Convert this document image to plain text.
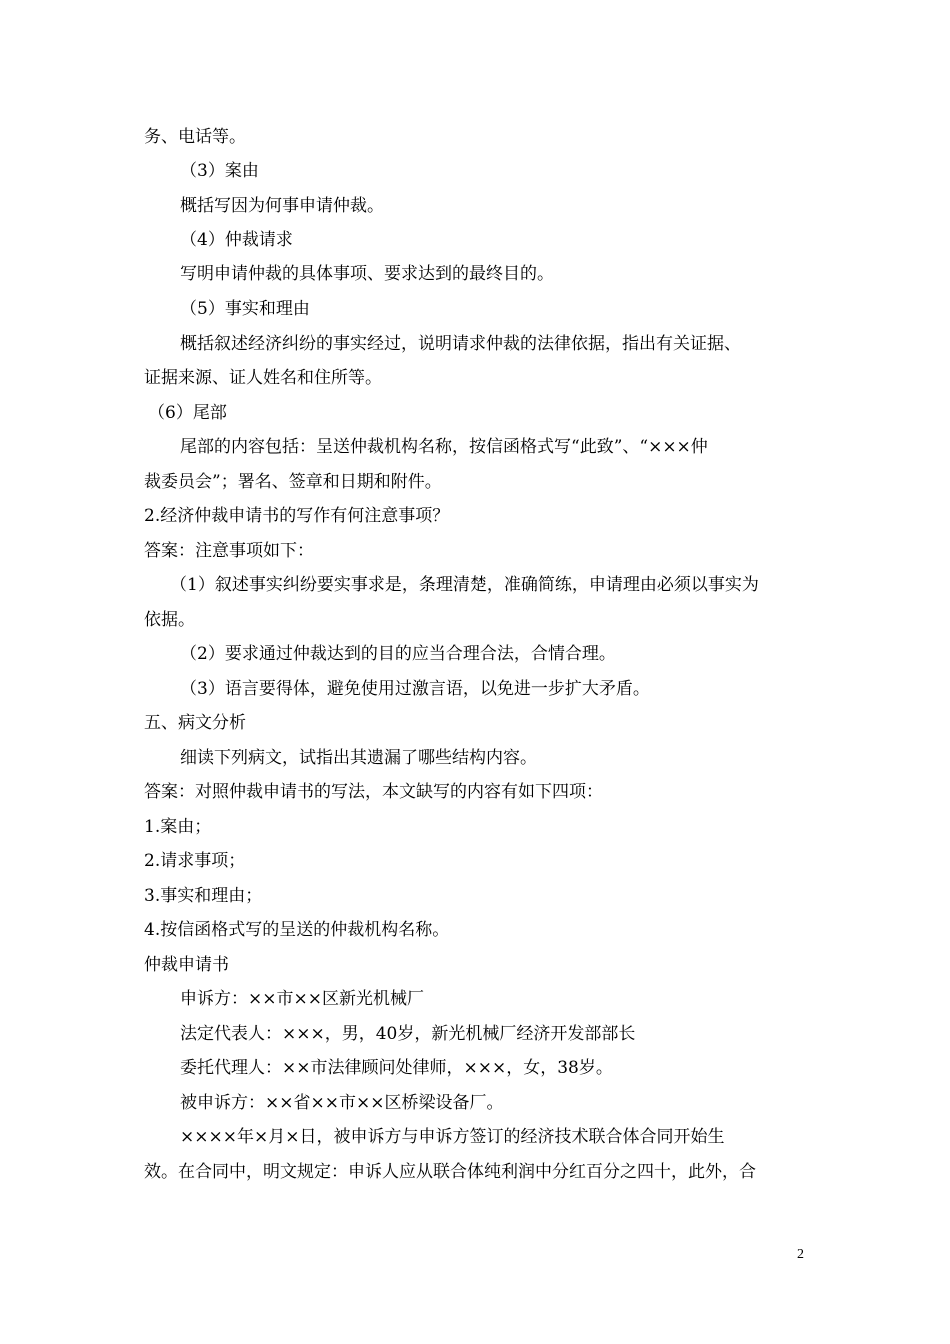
务、电话等。
（3）案由
概括写因为何事申请仲裁。
（4）仲裁请求
写明申请仲裁的具体事项、要求达到的最终目的。
（5）事实和理由
概括叙述经济纠纷的事实经过，说明请求仲裁的法律依据，指出有关证据、
证据来源、证人姓名和住所等。
（6）尾部
尾部的内容包括：呈送仲裁机构名称，按信函格式写“此致”、“×××仲
裁委员会”；署名、签章和日期和附件。
2.经济仲裁申请书的写作有何注意事项？
答案：注意事项如下：
（1）叙述事实纠纷要实事求是，条理清楚，准确简练，申请理由必须以事实为
依据。
（2）要求通过仲裁达到的目的应当合理合法，合情合理。
（3）语言要得体，避免使用过激言语，以免进一步扩大矛盾。
五、病文分析
细读下列病文，试指出其遗漏了哪些结构内容。
答案：对照仲裁申请书的写法，本文缺写的内容有如下四项：
1.案由；
2.请求事项；
3.事实和理由；
4.按信函格式写的呈送的仲裁机构名称。
仲裁申请书
申诉方：××市××区新光机械厂
法定代表人：×××，男，40岁，新光机械厂经济开发部部长
委托代理人：××市法律顾问处律师，×××，女，38岁。
被申诉方：××省××市××区桥梁设备厂。
××××年×月×日，被申诉方与申诉方签订的经济技术联合体合同开始生
效。在合同中，明文规定：申诉人应从联合体纯利润中分红百分之四十，此外，合
2
